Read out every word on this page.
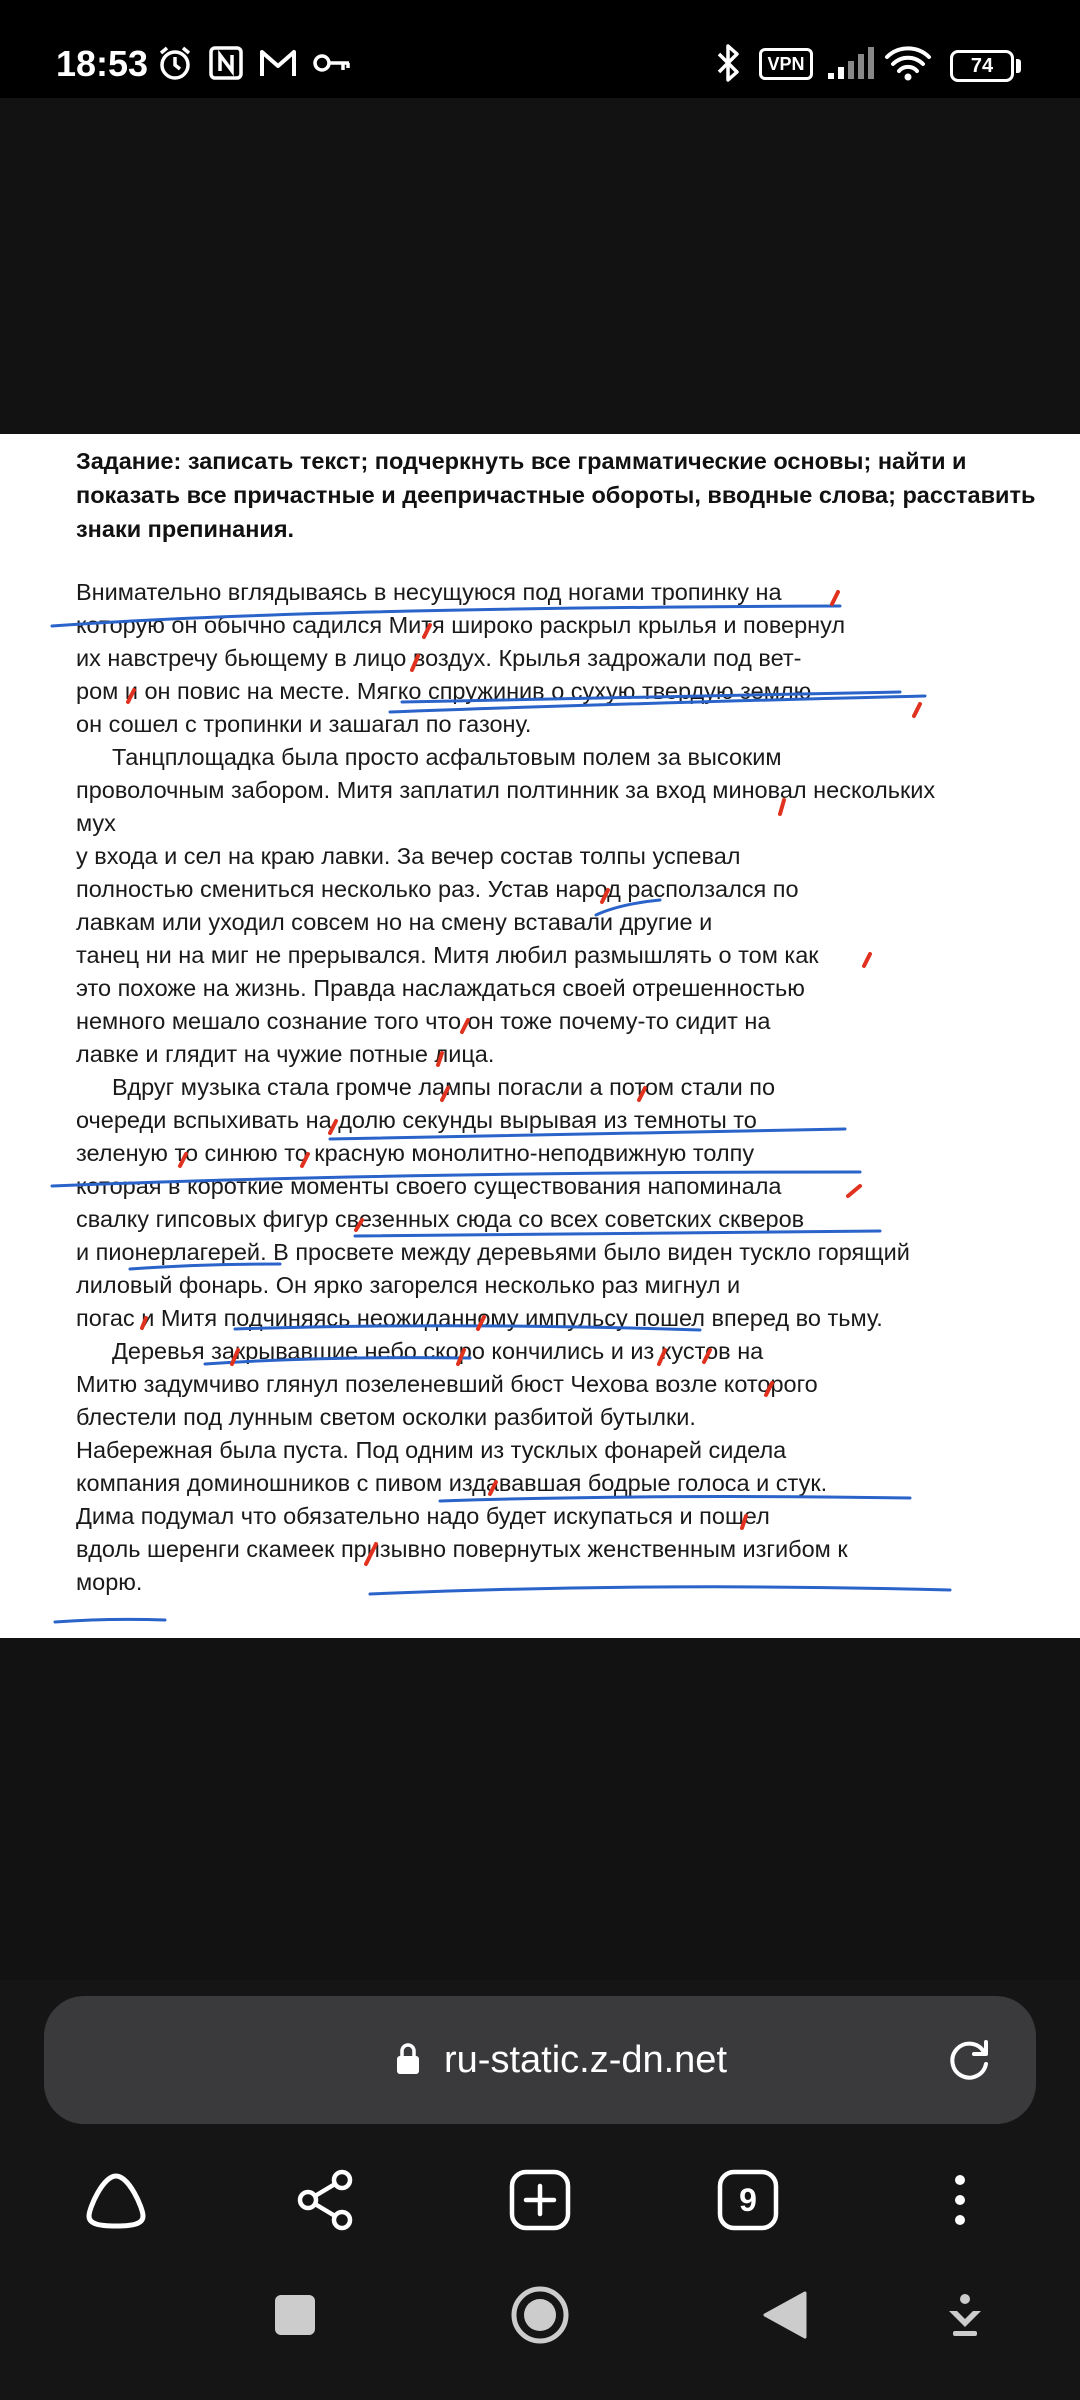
18:53	VPN	74
Задание: записать текст; подчеркнуть все грамматические основы; найти и показать все причастные и деепричастные обороты, вводные слова; расставить знаки препинания.
Внимательно вглядываясь в несущуюся под ногами тропинку на
которую он обычно садился Митя широко раскрыл крылья и повернул
их навстречу бьющему в лицо воздух. Крылья задрожали под вет-
ром и он повис на месте. Мягко спружинив о сухую твердую землю
он сошел с тропинки и зашагал по газону.
Танцплощадка была просто асфальтовым полем за высоким
проволочным забором. Митя заплатил полтинник за вход миновал нескольких
мух
у входа и сел на краю лавки. За вечер состав толпы успевал
полностью смениться несколько раз. Устав народ расползался по
лавкам или уходил совсем но на смену вставали другие и
танец ни на миг не прерывался. Митя любил размышлять о том как
это похоже на жизнь. Правда наслаждаться своей отрешенностью
немного мешало сознание того что он тоже почему-то сидит на
лавке и глядит на чужие потные лица.
Вдруг музыка стала громче лампы погасли а потом стали по
очереди вспыхивать на долю секунды вырывая из темноты то
зеленую то синюю то красную монолитно-неподвижную толпу
которая в короткие моменты своего существования напоминала
свалку гипсовых фигур свезенных сюда со всех советских скверов
и пионерлагерей. В просвете между деревьями было виден тускло горящий
лиловый фонарь. Он ярко загорелся несколько раз мигнул и
погас и Митя подчиняясь неожиданному импульсу пошел вперед во тьму.
Деревья закрывавшие небо скоро кончились и из кустов на
Митю задумчиво глянул позеленевший бюст Чехова возле которого
блестели под лунным светом осколки разбитой бутылки.
Набережная была пуста. Под одним из тусклых фонарей сидела
компания доминошников с пивом издававшая бодрые голоса и стук.
Дима подумал что обязательно надо будет искупаться и пошел
вдоль шеренги скамеек призывно повернутых женственным изгибом к
морю.
ru-static.z-dn.net
9
